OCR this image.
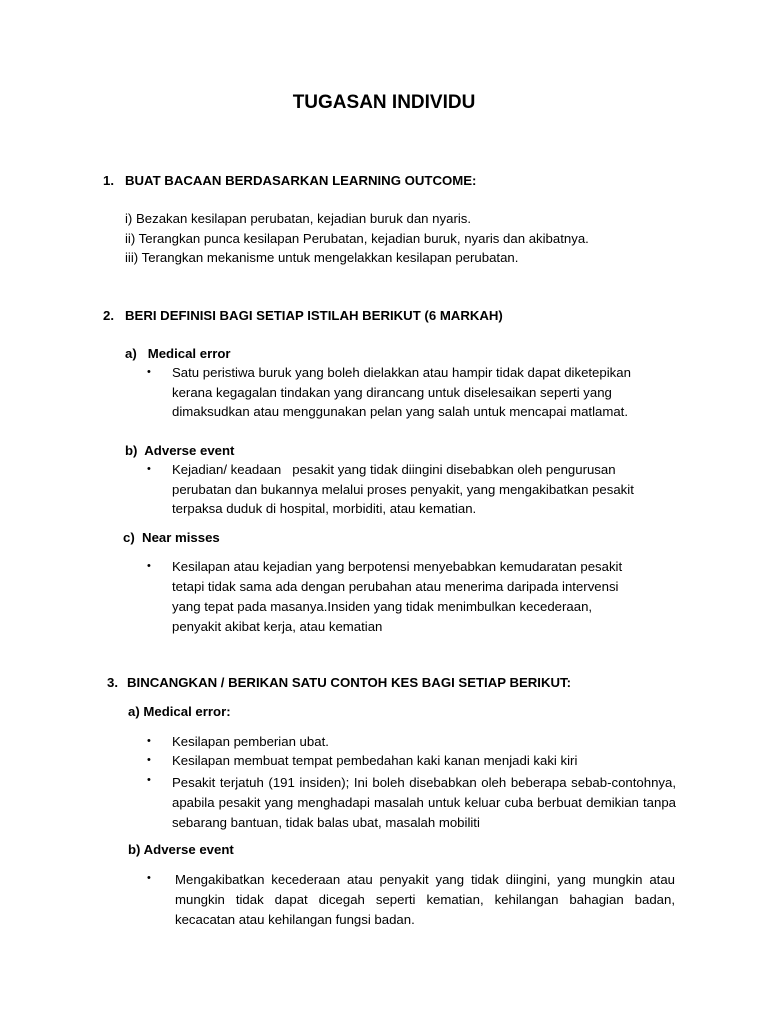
TUGASAN INDIVIDU
1. BUAT BACAAN BERDASARKAN LEARNING OUTCOME:
i) Bezakan kesilapan perubatan, kejadian buruk dan nyaris.
ii) Terangkan punca kesilapan Perubatan, kejadian buruk, nyaris dan akibatnya.
iii) Terangkan mekanisme untuk mengelakkan kesilapan perubatan.
2. BERI DEFINISI BAGI SETIAP ISTILAH BERIKUT (6 MARKAH)
a)   Medical error
• Satu peristiwa buruk yang boleh dielakkan atau hampir tidak dapat diketepikan
kerana kegagalan tindakan yang dirancang untuk diselesaikan seperti yang
dimaksudkan atau menggunakan pelan yang salah untuk mencapai matlamat.
b)  Adverse event
• Kejadian/ keadaan   pesakit yang tidak diingini disebabkan oleh pengurusan
perubatan dan bukannya melalui proses penyakit, yang mengakibatkan pesakit
terpaksa duduk di hospital, morbiditi, atau kematian.
c)  Near misses
• Kesilapan atau kejadian yang berpotensi menyebabkan kemudaratan pesakit
tetapi tidak sama ada dengan perubahan atau menerima daripada intervensi
yang tepat pada masanya.Insiden yang tidak menimbulkan kecederaan,
penyakit akibat kerja, atau kematian
3. BINCANGKAN / BERIKAN SATU CONTOH KES BAGI SETIAP BERIKUT:
a) Medical error:
• Kesilapan pemberian ubat.
• Kesilapan membuat tempat pembedahan kaki kanan menjadi kaki kiri
• Pesakit terjatuh (191 insiden); Ini boleh disebabkan oleh beberapa sebab-contohnya, apabila pesakit yang menghadapi masalah untuk keluar cuba berbuat demikian tanpa sebarang bantuan, tidak balas ubat, masalah mobiliti
b) Adverse event
• Mengakibatkan kecederaan atau penyakit yang tidak diingini, yang mungkin atau mungkin tidak dapat dicegah seperti kematian, kehilangan bahagian badan, kecacatan atau kehilangan fungsi badan.
